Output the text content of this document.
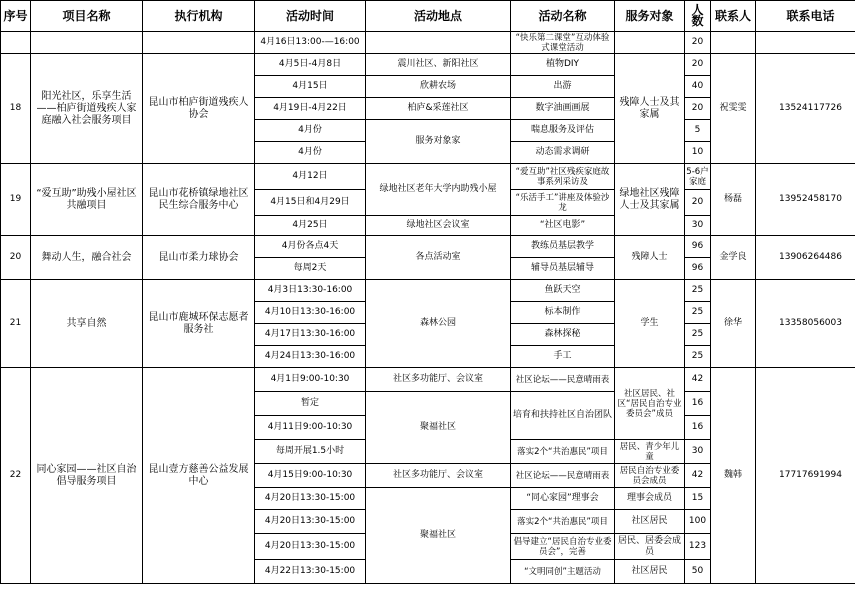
序号	项目名称	执行机构	活动时间	活动地点	活动名称	服务对象	人数	联系人	联系电话
			4月16日13:00-—16:00		“快乐第二课堂”互动体验式课堂活动		20		
18	阳光社区，乐享生活——柏庐街道残疾人家庭融入社会服务项目	昆山市柏庐街道残疾人协会	4月5日-4月8日	震川社区、新阳社区	植物DIY	残障人士及其家属	20	祝雯雯	13524117726
			4月15日	欣耕农场	出游		40		
			4月19日-4月22日	柏庐&采莲社区	数字油画画展		20		
			4月份	服务对象家	喘息服务及评估		5		
			4月份		动态需求调研		10		
19	“爱互助”助残小屋社区共融项目	昆山市花桥镇绿地社区民生综合服务中心	4月12日	绿地社区老年大学内助残小屋	“爱互助”社区残疾家庭故事系列采访及	绿地社区残障人士及其家属	5-6户家庭	杨磊	13952458170
			4月15日和4月29日		“乐活手工”讲座及体验沙龙		20		
			4月25日	绿地社区会议室	“社区电影”		30		
20	舞动人生，融合社会	昆山市柔力球协会	4月份各点4天	各点活动室	教练员基层教学	残障人士	96	金学良	13906264486
			每周2天		辅导员基层辅导		96		
21	共享自然	昆山市鹿城环保志愿者服务社	4月3日13:30-16:00	森林公园	鱼跃天空	学生	25	徐华	13358056003
			4月10日13:30-16:00		标本制作		25		
			4月17日13:30-16:00		森林探秘		25		
			4月24日13:30-16:00		手工		25		
22	同心家园——社区自治倡导服务项目	昆山壹方慈善公益发展中心	4月1日9:00-10:30	社区多功能厅、会议室	社区论坛——民意晴雨表	社区居民、社区“居民自治专业委员会”成员	42	魏韩	17717691994
			暂定	聚福社区	培育和扶持社区自治团队		16		
			4月11日9:00-10:30				16		
			每周开展1.5小时		落实2个“共治惠民”项目	居民、青少年儿童	30		
			4月15日9:00-10:30	社区多功能厅、会议室	社区论坛——民意晴雨表	居民自治专业委员会成员	42		
			4月20日13:30-15:00	聚福社区	“同心家园”理事会	理事会成员	15		
			4月20日13:30-15:00		落实2个“共治惠民”项目	社区居民	100		
			4月20日13:30-15:00		倡导建立“居民自治专业委员会”，完善	居民、居委会成员	123		
			4月22日13:30-15:00		“文明同创”主题活动	社区居民	50		
